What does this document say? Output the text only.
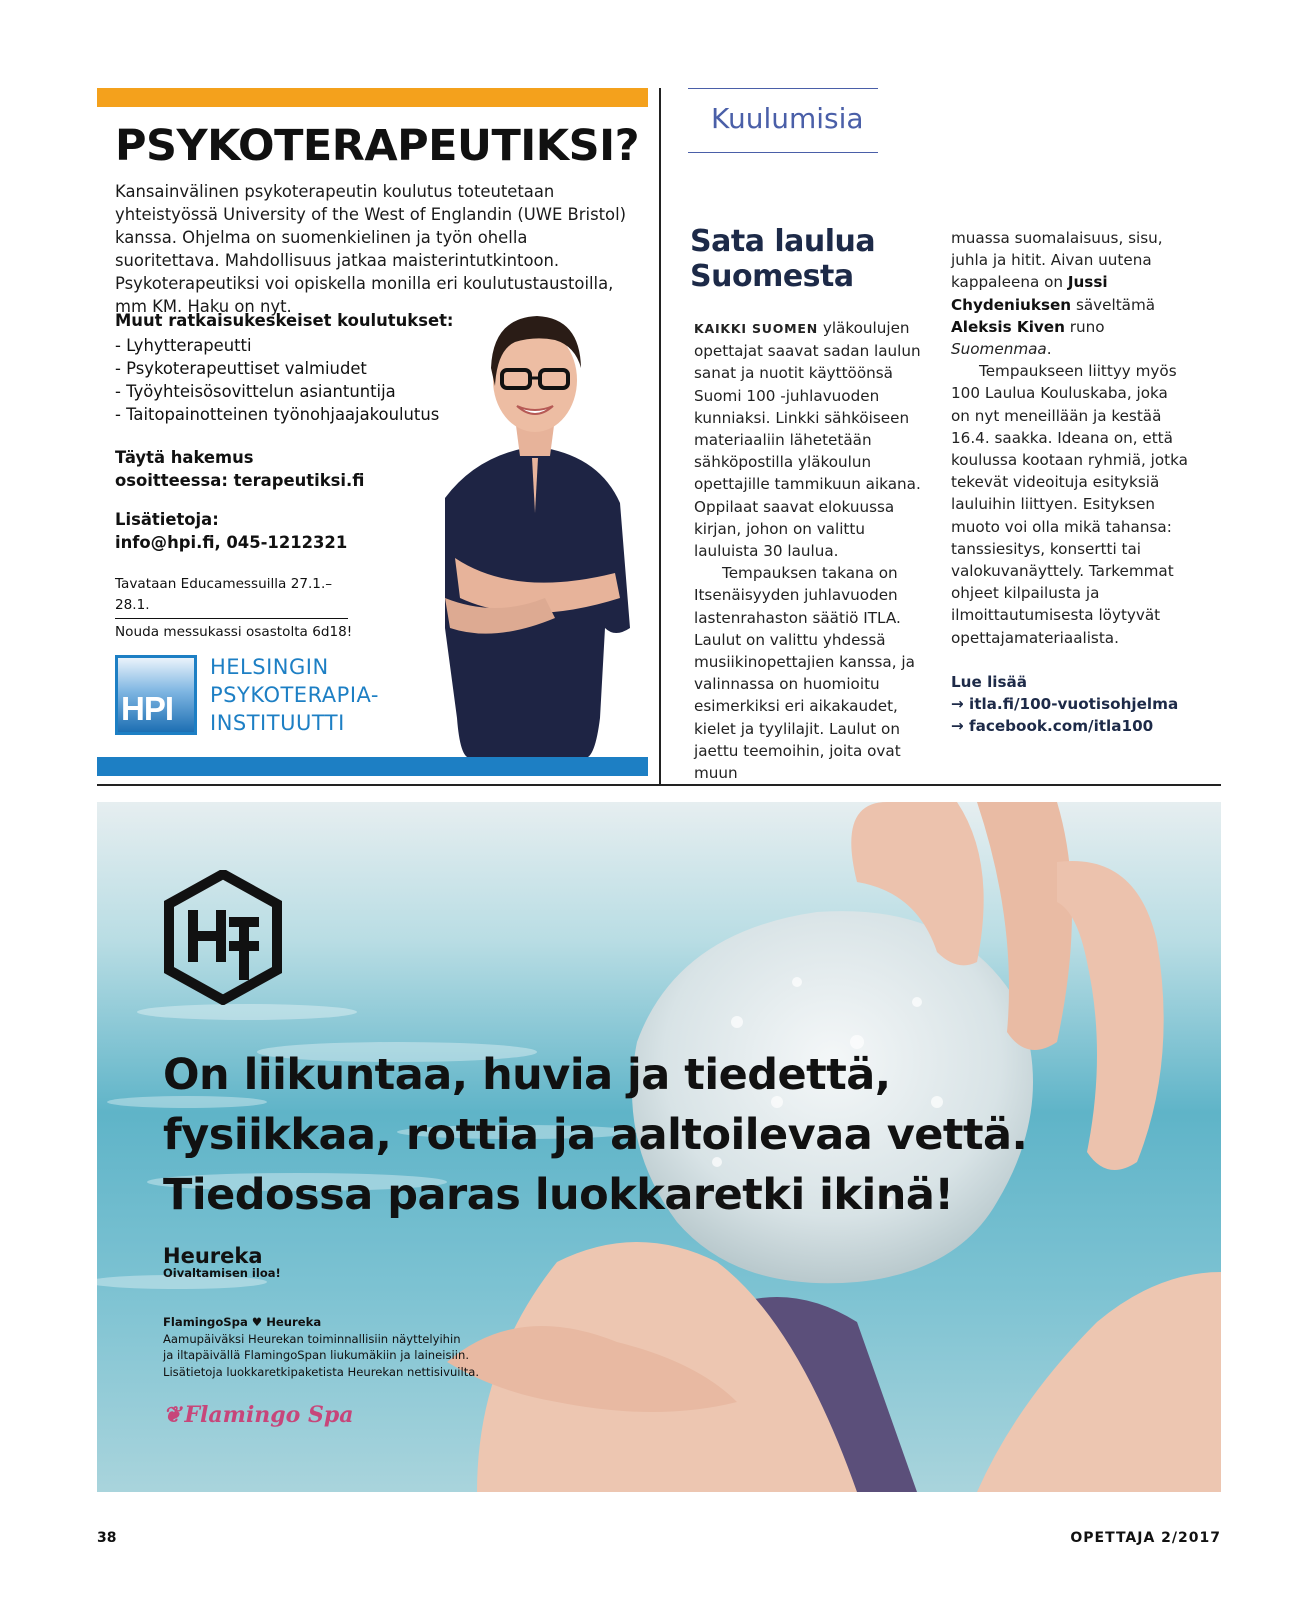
PSYKOTERAPEUTIKSI?

Kansainvälinen psykoterapeutin koulutus toteutetaan yhteistyössä University of the West of Englandin (UWE Bristol) kanssa. Ohjelma on suomenkielinen ja työn ohella suoritettava. Mahdollisuus jatkaa maisterintutkintoon. Psykoterapeutiksi voi opiskella monilla eri koulutustaustoilla, mm KM. Haku on nyt.

Muut ratkaisukeskeiset koulutukset:
- Lyhytterapeutti
- Psykoterapeuttiset valmiudet
- Työyhteisösovittelun asiantuntija
- Taitopainotteinen työnohjaajakoulutus
Täytä hakemus
osoitteessa: terapeutiksi.fi
Lisätietoja:
info@hpi.fi, 045-1212321
Tavataan Educamessuilla 27.1.–28.1.
Nouda messukassi osastolta 6d18!
HPI
HELSINGIN
PSYKOTERAPIA-
INSTITUUTTI
Kuulumisia
Sata laulua
Suomesta

KAIKKI SUOMEN yläkoulujen opettajat saavat sadan laulun sanat ja nuotit käyttöönsä Suomi 100 -juhlavuoden kunniaksi. Linkki sähköiseen materiaaliin lähetetään sähköpostilla yläkoulun opettajille tammikuun aikana. Oppilaat saavat elokuussa kirjan, johon on valittu lauluista 30 laulua.

Tempauksen takana on Itsenäisyyden juhlavuoden lastenrahaston säätiö ITLA. Laulut on valittu yhdessä musiikinopettajien kanssa, ja valinnassa on huomioitu esimerkiksi eri aikakaudet, kielet ja tyylilajit. Laulut on jaettu teemoihin, joita ovat muun

muassa suomalaisuus, sisu, juhla ja hitit. Aivan uutena kappaleena on Jussi Chydeniuksen säveltämä Aleksis Kiven runo Suomenmaa.

Tempaukseen liittyy myös 100 Laulua Kouluskaba, joka on nyt meneillään ja kestää 16.4. saakka. Ideana on, että koulussa kootaan ryhmiä, jotka tekevät videoituja esityksiä lauluihin liittyen. Esityksen muoto voi olla mikä tahansa: tanssiesitys, konsertti tai valokuvanäyttely. Tarkemmat ohjeet kilpailusta ja ilmoittautumisesta löytyvät opettajamateriaalista.

Lue lisää
→ itla.fi/100-vuotisohjelma
→ facebook.com/itla100
On liikuntaa, huvia ja tiedettä,
fysiikkaa, rottia ja aaltoilevaa vettä.
Tiedossa paras luokkaretki ikinä!
Heureka
Oivaltamisen iloa!
FlamingoSpa ♥ Heureka
Aamupäiväksi Heurekan toiminnallisiin näyttelyihin
ja iltapäivällä FlamingoSpan liukumäkiin ja laineisiin.
Lisätietoja luokkaretkipaketista Heurekan nettisivuilta.
❦ Flamingo Spa
38	OPETTAJA 2/2017
